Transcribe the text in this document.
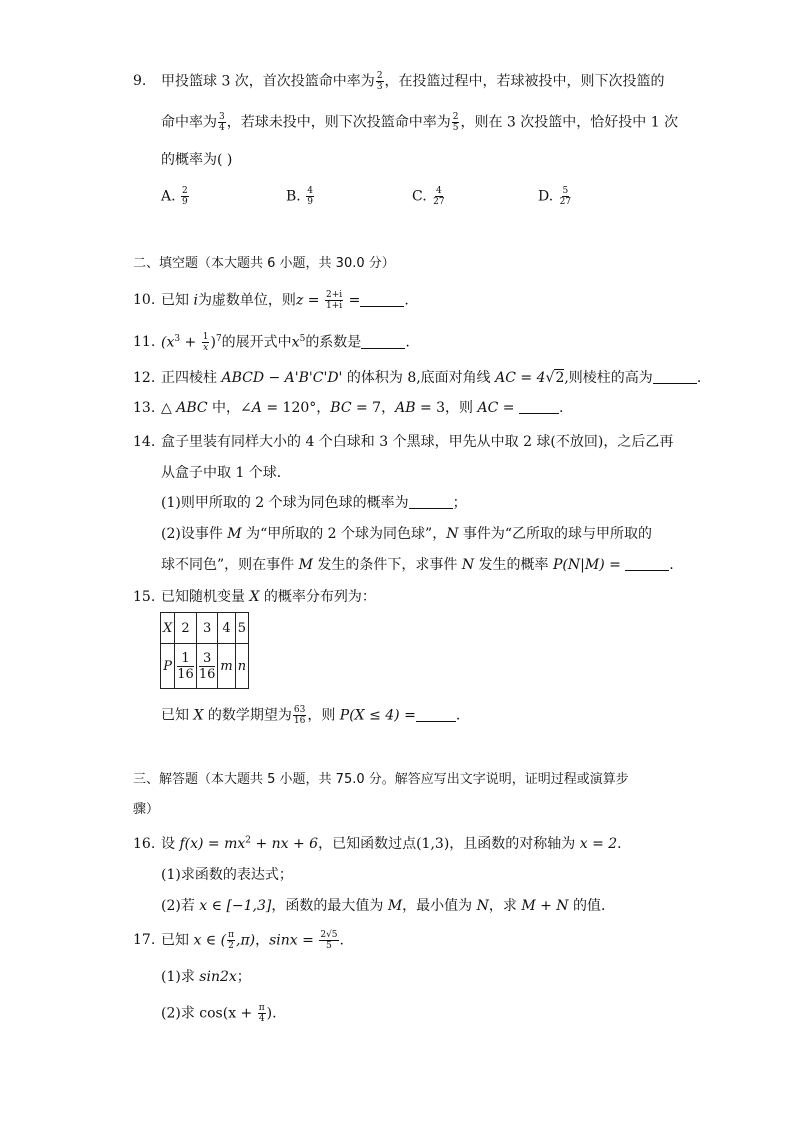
9. 甲投篮球 3 次，首次投篮命中率为 $\frac{2}{3}$ ，在投篮过程中，若球被投中，则下次投篮的
命中率为 $\frac{3}{4}$ ，若球未投中，则下次投篮命中率为 $\frac{2}{5}$ ，则在 3 次投篮中，恰好投中 1 次
的概率为( )
A. $\frac{2}{9}$	B. $\frac{4}{9}$	C. $\frac{4}{27}$	D. $\frac{5}{27}$
二、填空题（本大题共 6 小题，共 30.0 分）
10. 已知 i为虚数单位，则$z = \frac{2+i}{1+i}$ =	.
11. $(x^3 + \frac{1}{x} )^7$的展开式中$x^5$的系数是	.
12. 正四棱柱 ABCD − A'B'C'D' 的体积为 8,底面对角线 AC = 4√2,则棱柱的高为	.
13. △ ABC 中，∠A = 120°，BC = 7，AB = 3，则 AC =	.
14. 盒子里装有同样大小的 4 个白球和 3 个黑球，甲先从中取 2 球(不放回)，之后乙再
从盒子中取 1 个球．
(1)则甲所取的 2 个球为同色球的概率为	；
(2)设事件 M 为“甲所取的 2 个球为同色球”，N 事件为“乙所取的球与甲所取的
球不同色”，则在事件 M 发生的条件下，求事件 N 发生的概率 P(N|M) =	.
15. 已知随机变量 X 的概率分布列为：
X	2	3	4	5
P	$\frac{1}{16}$	$\frac{3}{16}$	m	n
已知 X 的数学期望为 $\frac{63}{16}$ ，则 P(X ≤ 4) =	.
三、解答题（本大题共 5 小题，共 75.0 分。解答应写出文字说明，证明过程或演算步
骤）
16. 设 $f(x) = mx^2$ + nx + 6，已知函数过点(1,3)，且函数的对称轴为 x = 2．
(1)求函数的表达式；
(2)若 x ∈ [−1,3]，函数的最大值为 M，最小值为 N，求 M + N 的值．
17. 已知 x ∈ ( $\frac{\pi}{2} ,\pi$)，$\sin x = \frac{2√5}{5}$ .
(1)求 sin2x；
(2)求 $\cos(x + \frac{\pi}{4}$ ).
